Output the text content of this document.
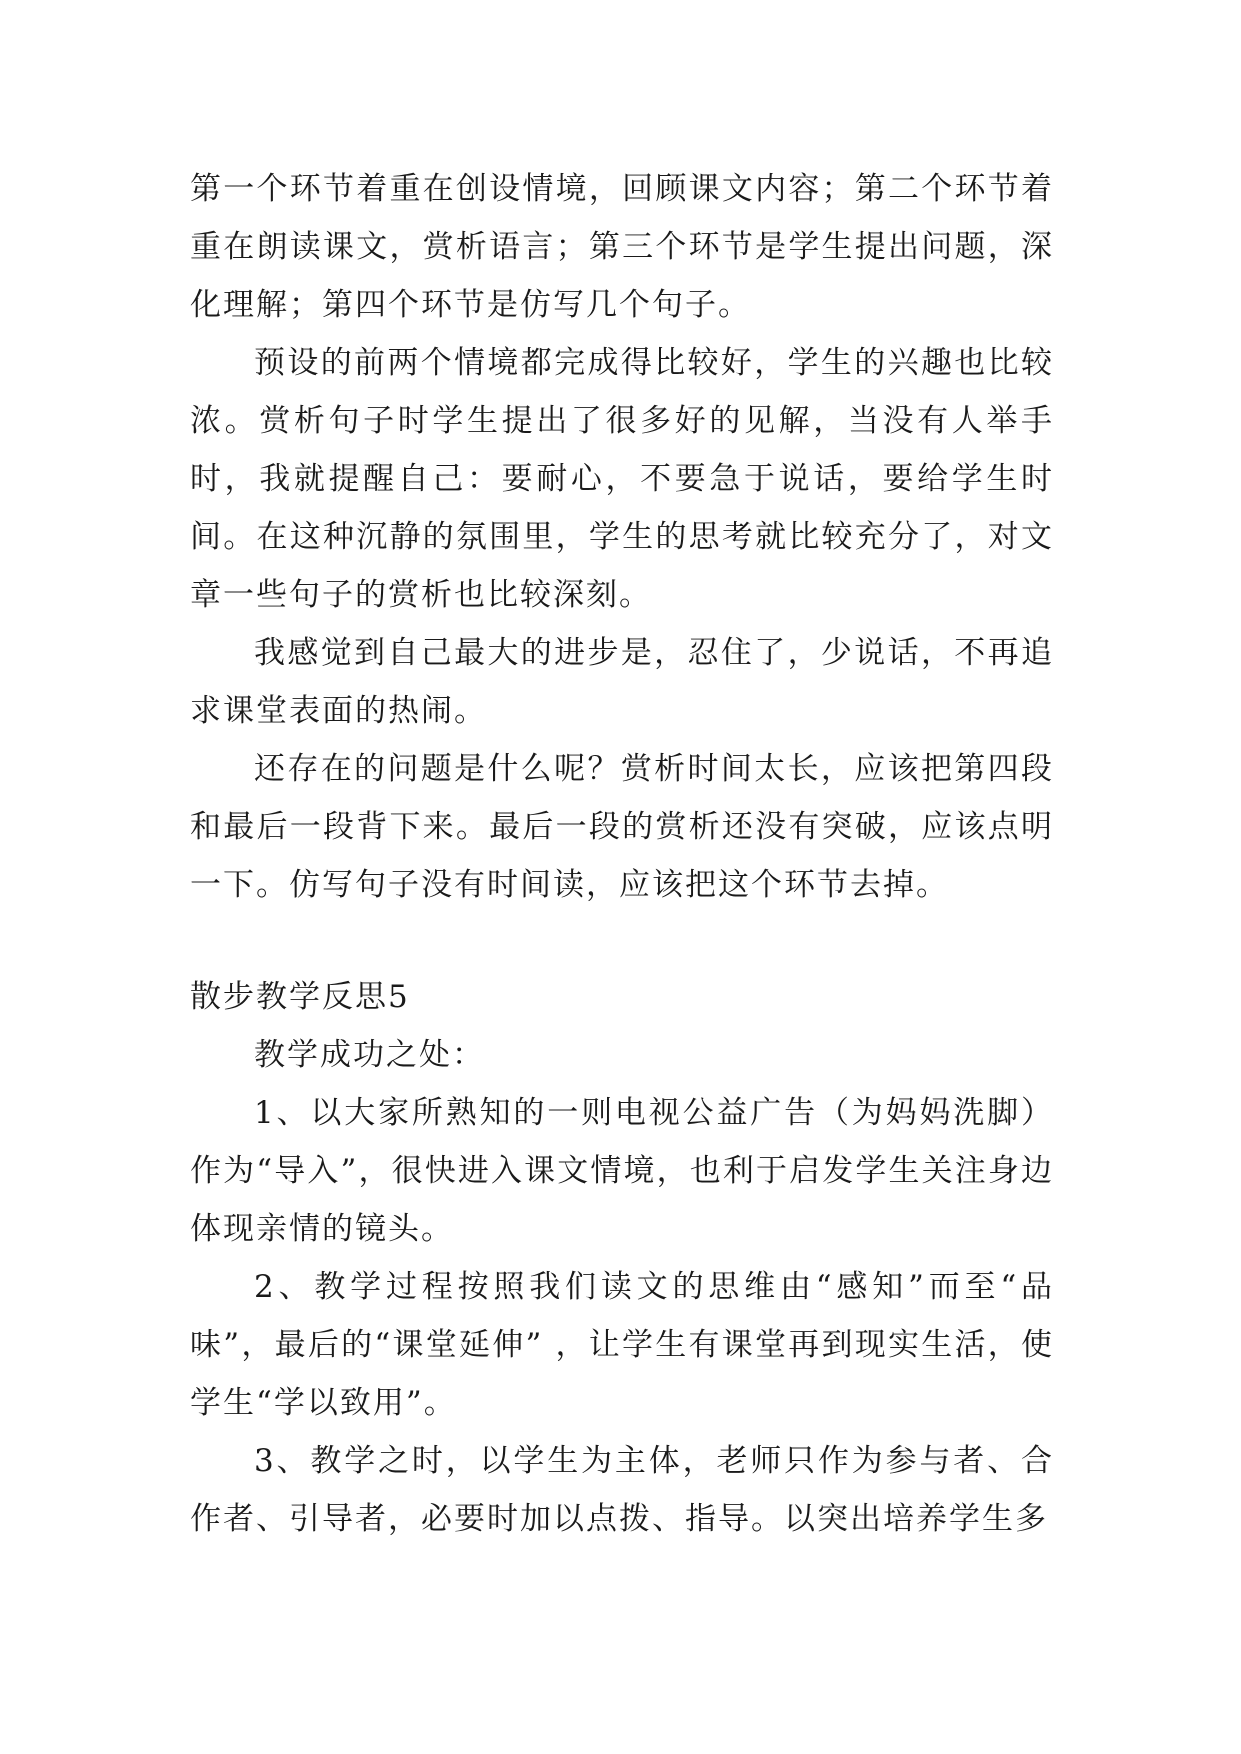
第一个环节着重在创设情境，回顾课文内容；第二个环节着重在朗读课文，赏析语言；第三个环节是学生提出问题，深化理解；第四个环节是仿写几个句子。

预设的前两个情境都完成得比较好，学生的兴趣也比较浓。赏析句子时学生提出了很多好的见解，当没有人举手时，我就提醒自己：要耐心，不要急于说话，要给学生时间。在这种沉静的氛围里，学生的思考就比较充分了，对文章一些句子的赏析也比较深刻。

我感觉到自己最大的进步是，忍住了，少说话，不再追求课堂表面的热闹。

还存在的问题是什么呢？赏析时间太长，应该把第四段和最后一段背下来。最后一段的赏析还没有突破，应该点明一下。仿写句子没有时间读，应该把这个环节去掉。

散步教学反思5

教学成功之处：

1、以大家所熟知的一则电视公益广告（为妈妈洗脚）作为“导入”，很快进入课文情境，也利于启发学生关注身边体现亲情的镜头。

2、教学过程按照我们读文的思维由“感知”而至“品味”，最后的“课堂延伸” ，让学生有课堂再到现实生活，使学生“学以致用”。

3、教学之时，以学生为主体，老师只作为参与者、合作者、引导者，必要时加以点拨、指导。以突出培养学生多
